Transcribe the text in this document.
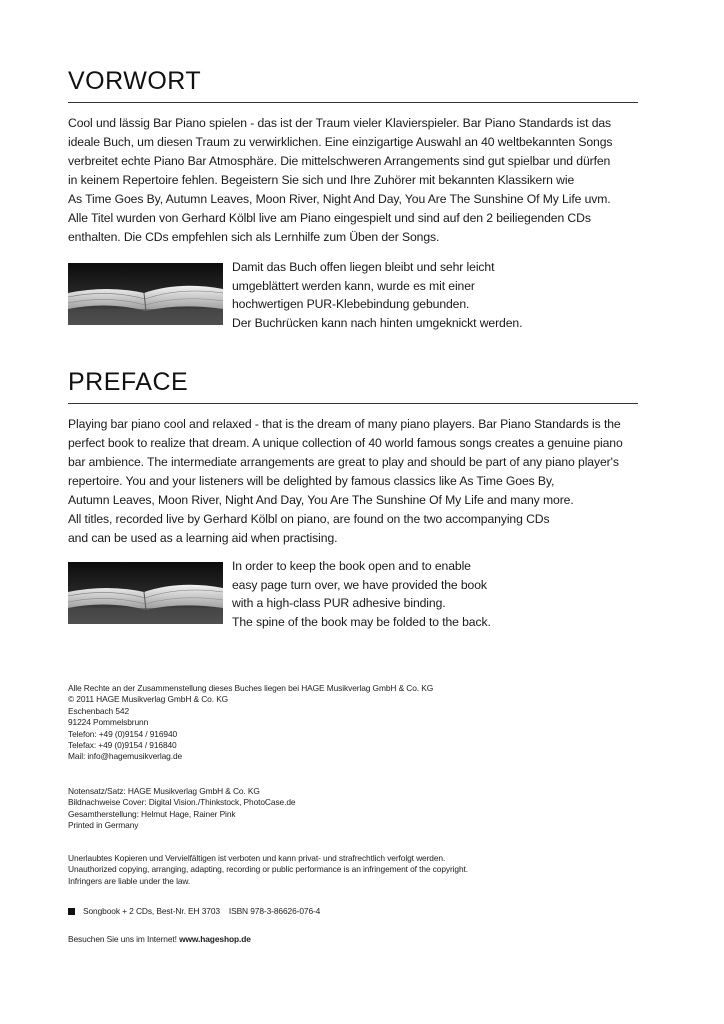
VORWORT
Cool und lässig Bar Piano spielen - das ist der Traum vieler Klavierspieler. Bar Piano Standards ist das
ideale Buch, um diesen Traum zu verwirklichen. Eine einzigartige Auswahl an 40 weltbekannten Songs
verbreitet echte Piano Bar Atmosphäre. Die mittelschweren Arrangements sind gut spielbar und dürfen
in keinem Repertoire fehlen. Begeistern Sie sich und Ihre Zuhörer mit bekannten Klassikern wie
As Time Goes By, Autumn Leaves, Moon River, Night And Day, You Are The Sunshine Of My Life uvm.
Alle Titel wurden von Gerhard Kölbl live am Piano eingespielt und sind auf den 2 beiliegenden CDs
enthalten. Die CDs empfehlen sich als Lernhilfe zum Üben der Songs.
Damit das Buch offen liegen bleibt und sehr leicht
umgeblättert werden kann, wurde es mit einer
hochwertigen PUR-Klebebindung gebunden.
Der Buchrücken kann nach hinten umgeknickt werden.
PREFACE
Playing bar piano cool and relaxed - that is the dream of many piano players. Bar Piano Standards is the
perfect book to realize that dream. A unique collection of 40 world famous songs creates a genuine piano
bar ambience. The intermediate arrangements are great to play and should be part of any piano player's
repertoire. You and your listeners will be delighted by famous classics like As Time Goes By,
Autumn Leaves, Moon River, Night And Day, You Are The Sunshine Of My Life and many more.
All titles, recorded live by Gerhard Kölbl on piano, are found on the two accompanying CDs
and can be used as a learning aid when practising.
In order to keep the book open and to enable
easy page turn over, we have provided the book
with a high-class PUR adhesive binding.
The spine of the book may be folded to the back.
Alle Rechte an der Zusammenstellung dieses Buches liegen bei HAGE Musikverlag GmbH & Co. KG
© 2011 HAGE Musikverlag GmbH & Co. KG
Eschenbach 542
91224 Pommelsbrunn
Telefon: +49 (0)9154 / 916940
Telefax: +49 (0)9154 / 916840
Mail: info@hagemusikverlag.de
Notensatz/Satz: HAGE Musikverlag GmbH & Co. KG
Bildnachweise Cover: Digital Vision./Thinkstock, PhotoCase.de
Gesamtherstellung: Helmut Hage, Rainer Pink
Printed in Germany
Unerlaubtes Kopieren und Vervielfältigen ist verboten und kann privat- und strafrechtlich verfolgt werden.
Unauthorized copying, arranging, adapting, recording or public performance is an infringement of the copyright.
Infringers are liable under the law.
Songbook + 2 CDs, Best-Nr. EH 3703    ISBN 978-3-86626-076-4
Besuchen Sie uns im Internet! www.hageshop.de
